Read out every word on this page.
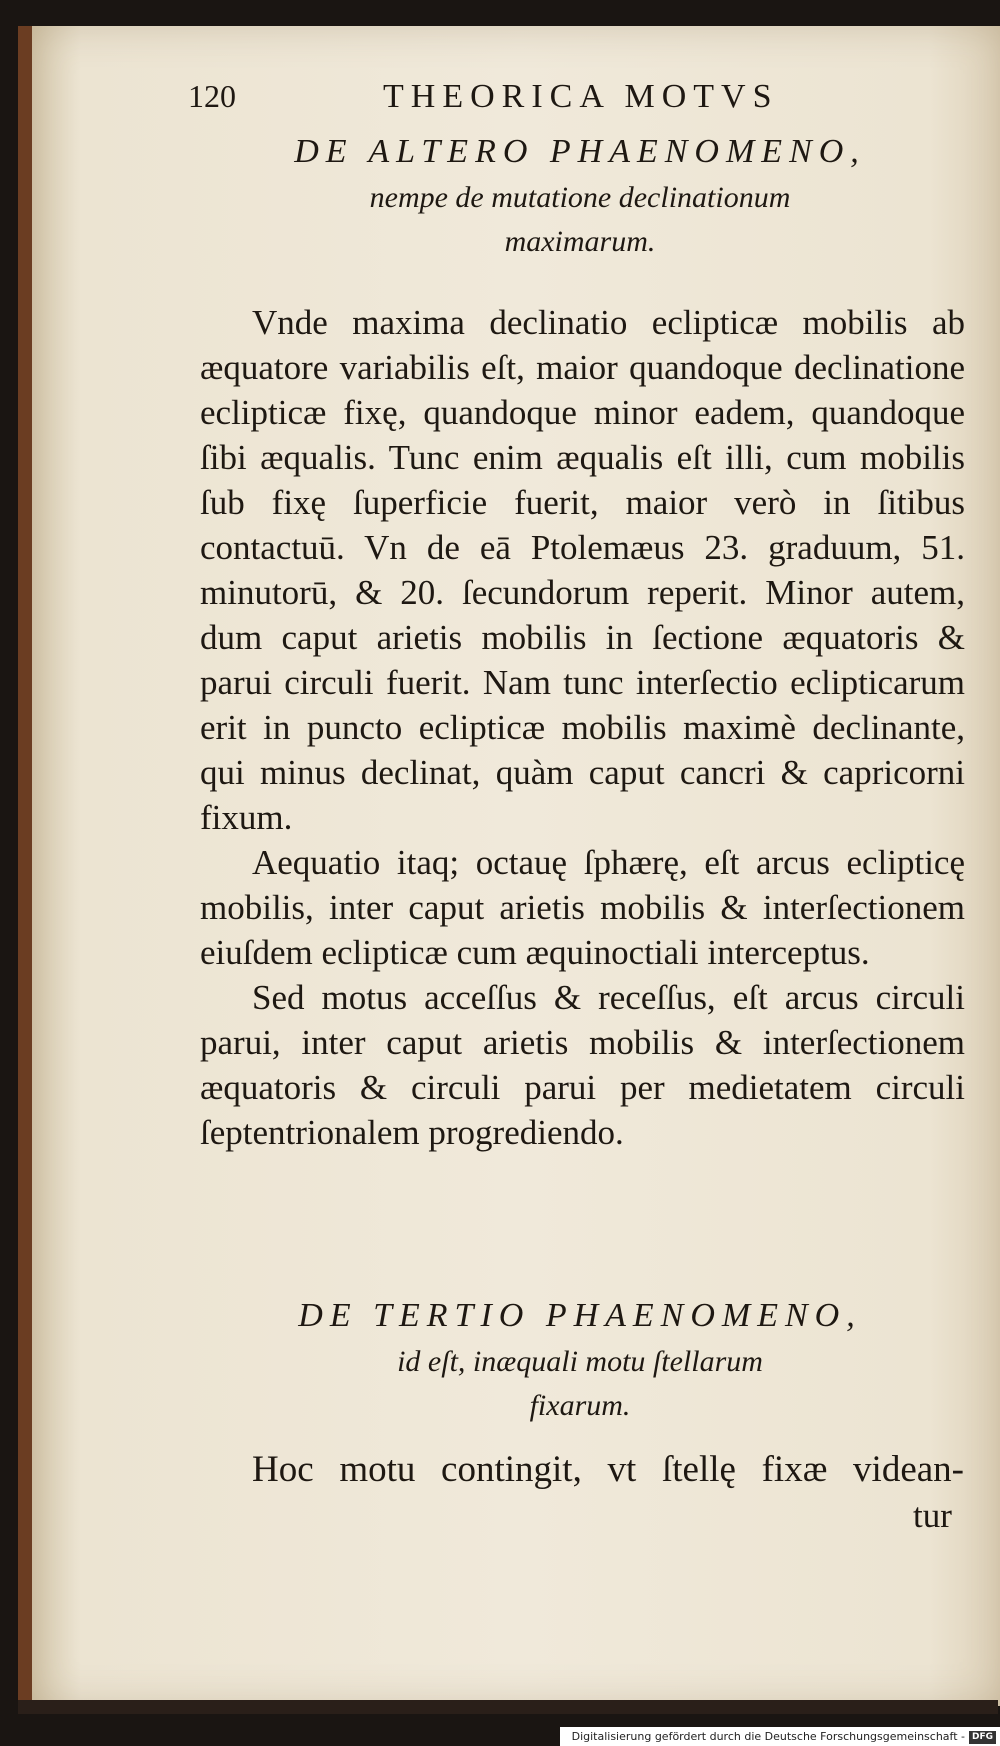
120	THEORICA MOTVS
DE ALTERO PHAENOMENO,
nempe de mutatione declinationum
maximarum.

Vnde maxima declinatio eclipticæ mobilis ab æquatore variabilis eſt, maior quandoque declinatione eclipticæ fixę, quandoque minor eadem, quandoque ſibi æqualis. Tunc enim æqualis eſt illi, cum mobilis ſub fixę ſuperficie fuerit, maior verò in ſitibus contactuū. Vn de eā Ptolemæus 23. graduum, 51. minutorū, & 20. ſecundorum reperit. Minor autem, dum caput arietis mobilis in ſectione æquatoris & parui circuli fuerit. Nam tunc interſectio eclipticarum erit in puncto eclipticæ mobilis maximè declinante, qui minus declinat, quàm caput cancri & capricorni fixum.

Aequatio itaq; octauę ſphærę, eſt arcus eclipticę mobilis, inter caput arietis mobilis & interſectionem eiuſdem eclipticæ cum æquinoctiali interceptus.

Sed motus acceſſus & receſſus, eſt arcus circuli parui, inter caput arietis mobilis & interſectionem æquatoris & circuli parui per medietatem circuli ſeptentrionalem progrediendo.

DE TERTIO PHAENOMENO,
id eſt, inæquali motu ſtellarum
fixarum.
Hoc motu contingit, vt ſtellę fixæ videan-
tur
Digitalisierung gefördert durch die Deutsche Forschungsgemeinschaft - DFG
